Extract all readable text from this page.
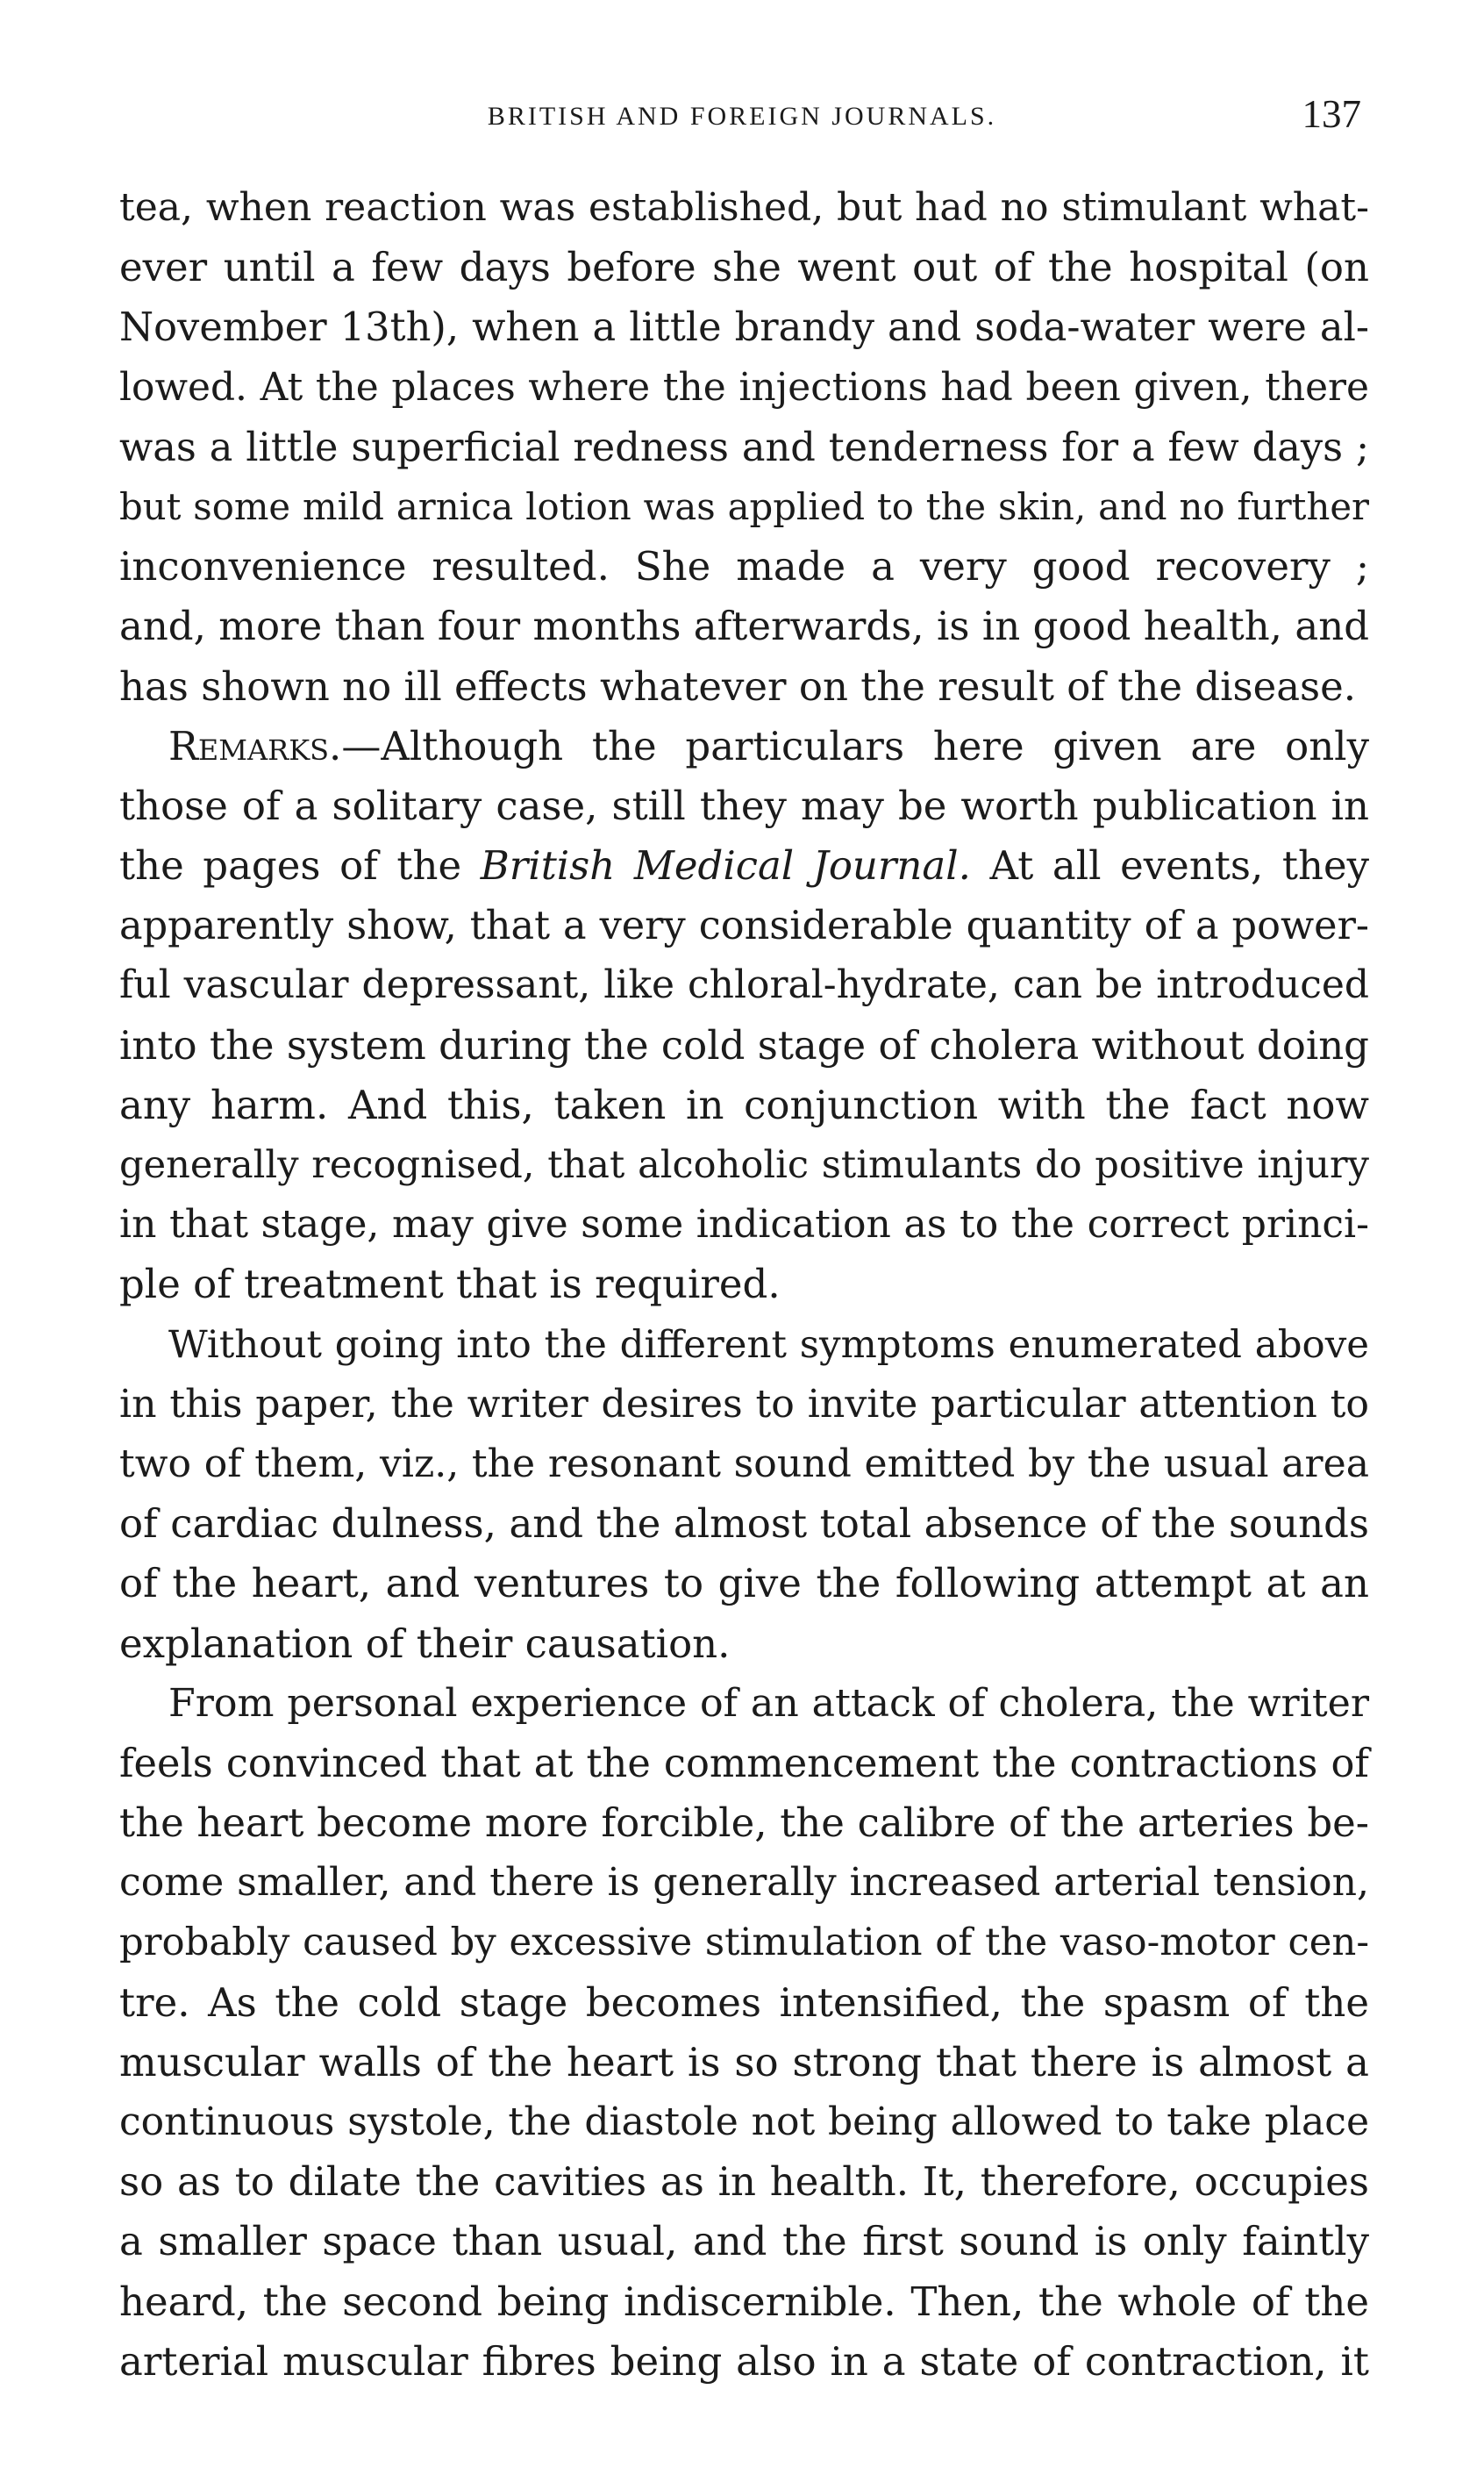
BRITISH AND FOREIGN JOURNALS.	137
tea, when reaction was established, but had no stimulant what-
ever until a few days before she went out of the hospital (on
November 13th), when a little brandy and soda-water were al-
lowed. At the places where the injections had been given, there
was a little superficial redness and tenderness for a few days ;
but some mild arnica lotion was applied to the skin, and no further
inconvenience resulted. She made a very good recovery ;
and, more than four months afterwards, is in good health, and
has shown no ill effects whatever on the result of the disease.
Remarks.—Although the particulars here given are only
those of a solitary case, still they may be worth publication in
the pages of the British Medical Journal. At all events, they
apparently show, that a very considerable quantity of a power-
ful vascular depressant, like chloral-hydrate, can be introduced
into the system during the cold stage of cholera without doing
any harm. And this, taken in conjunction with the fact now
generally recognised, that alcoholic stimulants do positive injury
in that stage, may give some indication as to the correct princi-
ple of treatment that is required.
Without going into the different symptoms enumerated above
in this paper, the writer desires to invite particular attention to
two of them, viz., the resonant sound emitted by the usual area
of cardiac dulness, and the almost total absence of the sounds
of the heart, and ventures to give the following attempt at an
explanation of their causation.
From personal experience of an attack of cholera, the writer
feels convinced that at the commencement the contractions of
the heart become more forcible, the calibre of the arteries be-
come smaller, and there is generally increased arterial tension,
probably caused by excessive stimulation of the vaso-motor cen-
tre. As the cold stage becomes intensified, the spasm of the
muscular walls of the heart is so strong that there is almost a
continuous systole, the diastole not being allowed to take place
so as to dilate the cavities as in health. It, therefore, occupies
a smaller space than usual, and the first sound is only faintly
heard, the second being indiscernible. Then, the whole of the
arterial muscular fibres being also in a state of contraction, it
